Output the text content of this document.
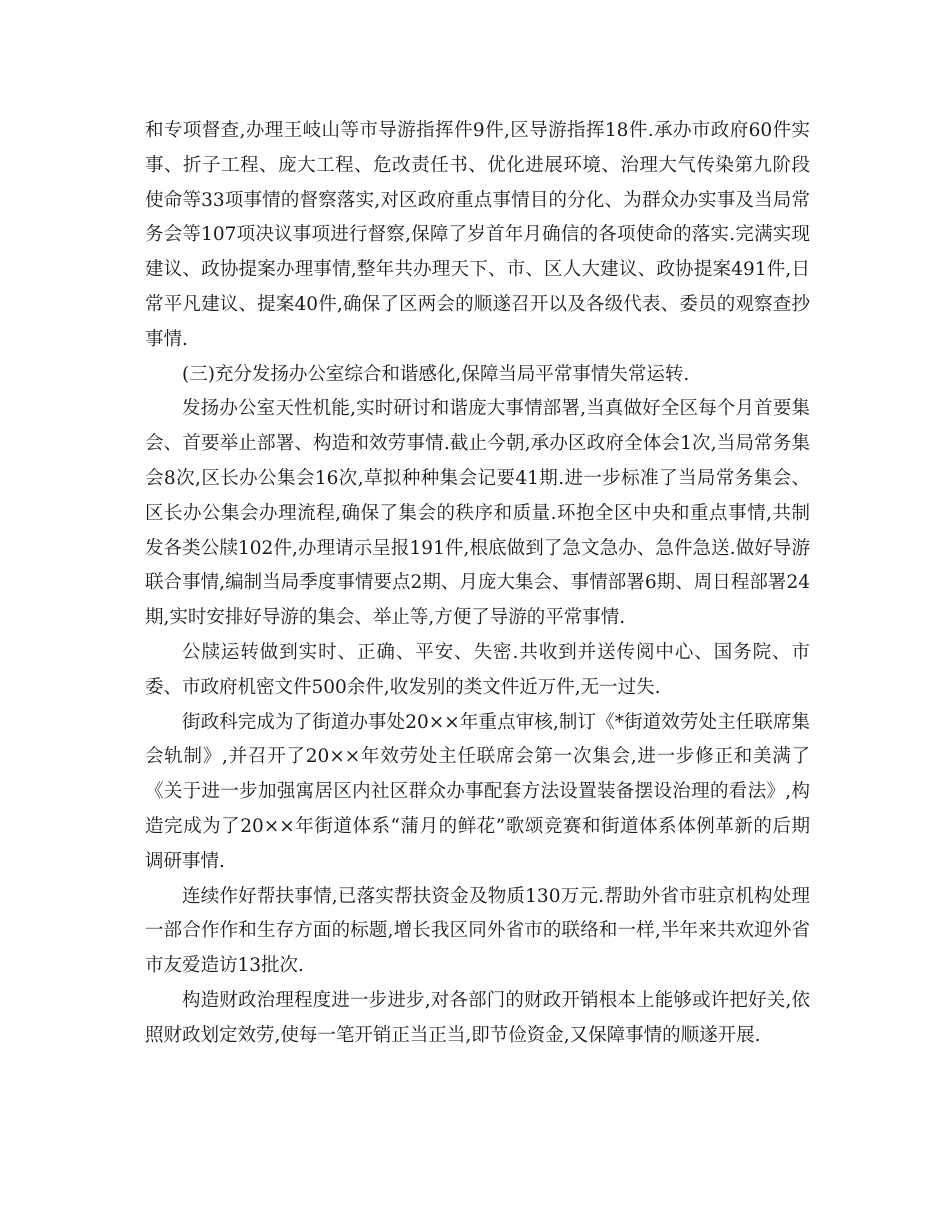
和专项督查,办理王岐山等市导游指挥件9件,区导游指挥18件.承办市政府60件实事、折子工程、庞大工程、危改责任书、优化进展环境、治理大气传染第九阶段使命等33项事情的督察落实,对区政府重点事情目的分化、为群众办实事及当局常务会等107项决议事项进行督察,保障了岁首年月确信的各项使命的落实.完满实现建议、政协提案办理事情,整年共办理天下、市、区人大建议、政协提案491件,日常平凡建议、提案40件,确保了区两会的顺遂召开以及各级代表、委员的观察查抄事情.

(三)充分发扬办公室综合和谐感化,保障当局平常事情失常运转.

发扬办公室天性机能,实时研讨和谐庞大事情部署,当真做好全区每个月首要集会、首要举止部署、构造和效劳事情.截止今朝,承办区政府全体会1次,当局常务集会8次,区长办公集会16次,草拟种种集会记要41期.进一步标准了当局常务集会、区长办公集会办理流程,确保了集会的秩序和质量.环抱全区中央和重点事情,共制发各类公牍102件,办理请示呈报191件,根底做到了急文急办、急件急送.做好导游联合事情,编制当局季度事情要点2期、月庞大集会、事情部署6期、周日程部署24期,实时安排好导游的集会、举止等,方便了导游的平常事情.

公牍运转做到实时、正确、平安、失密.共收到并送传阅中心、国务院、市委、市政府机密文件500余件,收发别的类文件近万件,无一过失.

街政科完成为了街道办事处20××年重点审核,制订《*街道效劳处主任联席集会轨制》,并召开了20××年效劳处主任联席会第一次集会,进一步修正和美满了《关于进一步加强寓居区内社区群众办事配套方法设置装备摆设治理的看法》,构造完成为了20××年街道体系“蒲月的鲜花”歌颂竞赛和街道体系体例革新的后期调研事情.

连续作好帮扶事情,已落实帮扶资金及物质130万元.帮助外省市驻京机构处理一部合作作和生存方面的标题,增长我区同外省市的联络和一样,半年来共欢迎外省市友爱造访13批次.

构造财政治理程度进一步进步,对各部门的财政开销根本上能够或许把好关,依照财政划定效劳,使每一笔开销正当正当,即节俭资金,又保障事情的顺遂开展.
